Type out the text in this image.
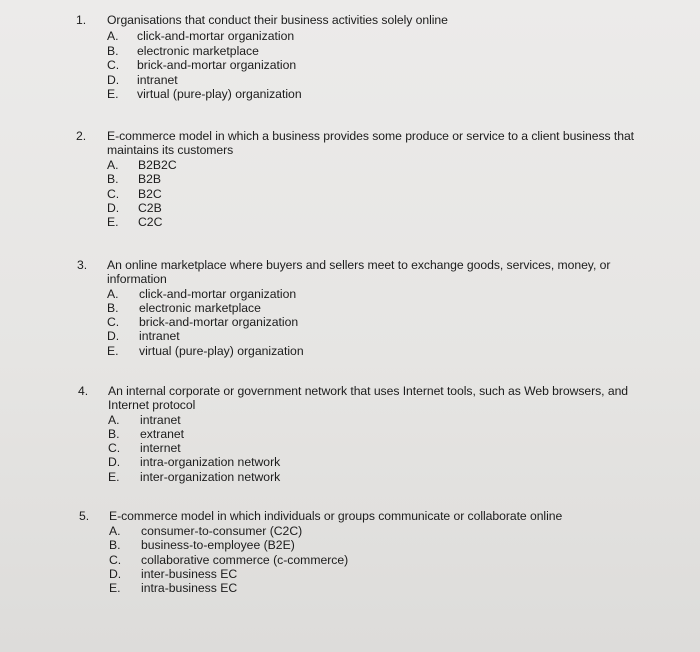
1. Organisations that conduct their business activities solely online
A. click-and-mortar organization
B. electronic marketplace
C. brick-and-mortar organization
D. intranet
E. virtual (pure-play) organization
2. E-commerce model in which a business provides some produce or service to a client business that maintains its customers
A. B2B2C
B. B2B
C. B2C
D. C2B
E. C2C
3. An online marketplace where buyers and sellers meet to exchange goods, services, money, or information
A. click-and-mortar organization
B. electronic marketplace
C. brick-and-mortar organization
D. intranet
E. virtual (pure-play) organization
4. An internal corporate or government network that uses Internet tools, such as Web browsers, and Internet protocol
A. intranet
B. extranet
C. internet
D. intra-organization network
E. inter-organization network
5. E-commerce model in which individuals or groups communicate or collaborate online
A. consumer-to-consumer (C2C)
B. business-to-employee (B2E)
C. collaborative commerce (c-commerce)
D. inter-business EC
E. intra-business EC
